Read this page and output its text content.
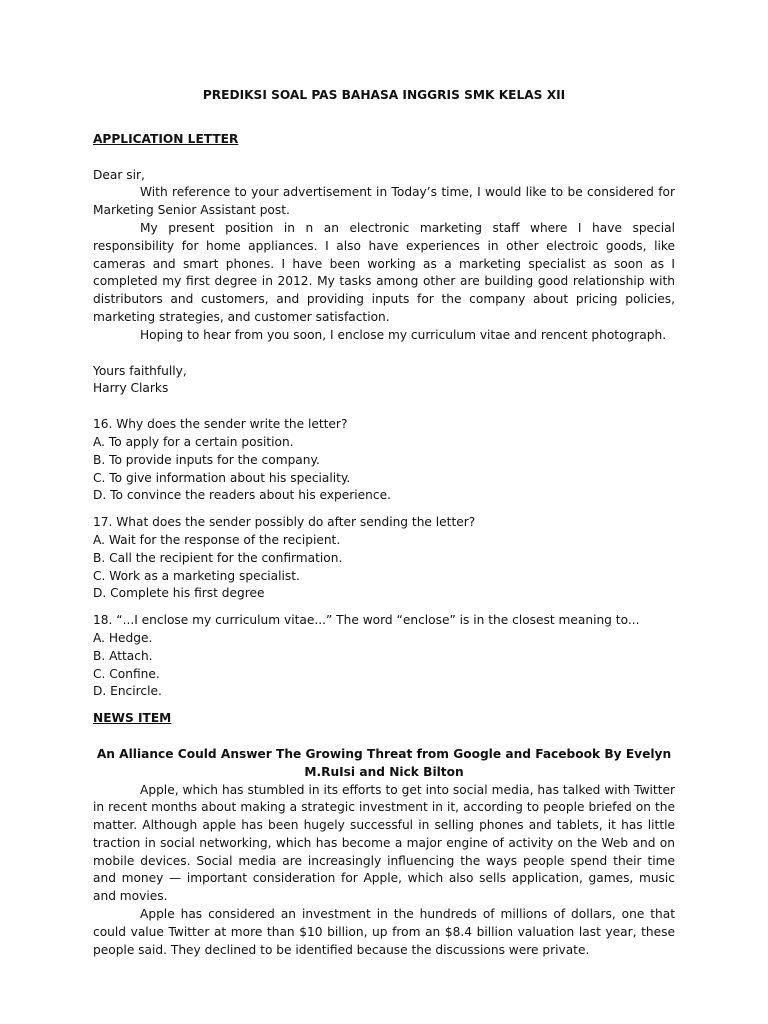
PREDIKSI SOAL PAS BAHASA INGGRIS SMK KELAS XII

APPLICATION LETTER

Dear sir,

With reference to your advertisement in Today’s time, I would like to be considered for Marketing Senior Assistant post.

My present position in n an electronic marketing staff where I have special responsibility for home appliances. I also have experiences in other electroic goods, like cameras and smart phones. I have been working as a marketing specialist as soon as I completed my first degree in 2012. My tasks among other are building good relationship with distributors and customers, and providing inputs for the company about pricing policies, marketing strategies, and customer satisfaction.

Hoping to hear from you soon, I enclose my curriculum vitae and rencent photograph.

Yours faithfully,

Harry Clarks

16. Why does the sender write the letter?

A. To apply for a certain position.

B. To provide inputs for the company.

C. To give information about his speciality.

D. To convince the readers about his experience.

17. What does the sender possibly do after sending the letter?

A. Wait for the response of the recipient.

B. Call the recipient for the confirmation.

C. Work as a marketing specialist.

D. Complete his first degree

18. “...I enclose my curriculum vitae...” The word “enclose” is in the closest meaning to...

A. Hedge.

B. Attach.

C. Confine.

D. Encircle.

NEWS ITEM

An Alliance Could Answer The Growing Threat from Google and Facebook By Evelyn M.RuIsi and Nick Bilton

Apple, which has stumbled in its efforts to get into social media, has talked with Twitter in recent months about making a strategic investment in it, according to people briefed on the matter. Although apple has been hugely successful in selling phones and tablets, it has little traction in social networking, which has become a major engine of activity on the Web and on mobile devices. Social media are increasingly influencing the ways people spend their time and money — important consideration for Apple, which also sells application, games, music and movies.

Apple has considered an investment in the hundreds of millions of dollars, one that could value Twitter at more than $10 billion, up from an $8.4 billion valuation last year, these people said. They declined to be identified because the discussions were private.
